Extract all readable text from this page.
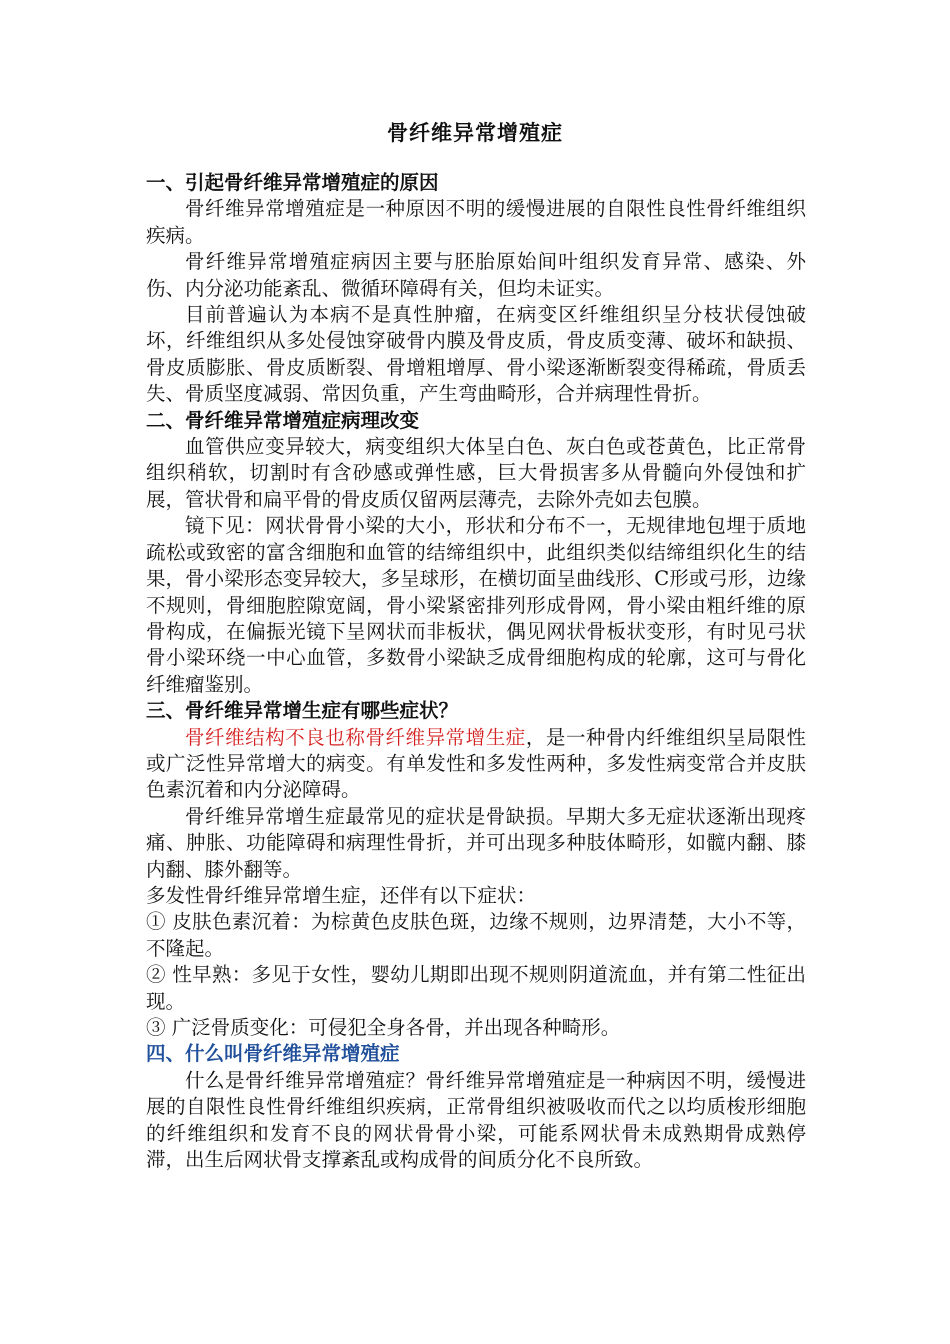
骨纤维异常增殖症

一、引起骨纤维异常增殖症的原因

骨纤维异常增殖症是一种原因不明的缓慢进展的自限性良性骨纤维组织疾病。

骨纤维异常增殖症病因主要与胚胎原始间叶组织发育异常、感染、外伤、内分泌功能紊乱、微循环障碍有关，但均未证实。

目前普遍认为本病不是真性肿瘤，在病变区纤维组织呈分枝状侵蚀破坏，纤维组织从多处侵蚀穿破骨内膜及骨皮质，骨皮质变薄、破坏和缺损、骨皮质膨胀、骨皮质断裂、骨增粗增厚、骨小梁逐渐断裂变得稀疏，骨质丢失、骨质坚度减弱、常因负重，产生弯曲畸形，合并病理性骨折。

二、骨纤维异常增殖症病理改变

血管供应变异较大，病变组织大体呈白色、灰白色或苍黄色，比正常骨组织稍软，切割时有含砂感或弹性感，巨大骨损害多从骨髓向外侵蚀和扩展，管状骨和扁平骨的骨皮质仅留两层薄壳，去除外壳如去包膜。

镜下见：网状骨骨小梁的大小，形状和分布不一，无规律地包埋于质地疏松或致密的富含细胞和血管的结缔组织中，此组织类似结缔组织化生的结果，骨小梁形态变异较大，多呈球形，在横切面呈曲线形、C形或弓形，边缘不规则，骨细胞腔隙宽阔，骨小梁紧密排列形成骨网，骨小梁由粗纤维的原骨构成，在偏振光镜下呈网状而非板状，偶见网状骨板状变形，有时见弓状骨小梁环绕一中心血管，多数骨小梁缺乏成骨细胞构成的轮廓，这可与骨化纤维瘤鉴别。

三、骨纤维异常增生症有哪些症状？

骨纤维结构不良也称骨纤维异常增生症，是一种骨内纤维组织呈局限性或广泛性异常增大的病变。有单发性和多发性两种，多发性病变常合并皮肤色素沉着和内分泌障碍。

骨纤维异常增生症最常见的症状是骨缺损。早期大多无症状逐渐出现疼痛、肿胀、功能障碍和病理性骨折，并可出现多种肢体畸形，如髋内翻、膝内翻、膝外翻等。

多发性骨纤维异常增生症，还伴有以下症状：

① 皮肤色素沉着：为棕黄色皮肤色斑，边缘不规则，边界清楚，大小不等，不隆起。

② 性早熟：多见于女性，婴幼儿期即出现不规则阴道流血，并有第二性征出现。

③ 广泛骨质变化：可侵犯全身各骨，并出现各种畸形。

四、什么叫骨纤维异常增殖症

什么是骨纤维异常增殖症？骨纤维异常增殖症是一种病因不明，缓慢进展的自限性良性骨纤维组织疾病，正常骨组织被吸收而代之以均质梭形细胞的纤维组织和发育不良的网状骨骨小梁，可能系网状骨未成熟期骨成熟停滞，出生后网状骨支撑紊乱或构成骨的间质分化不良所致。
